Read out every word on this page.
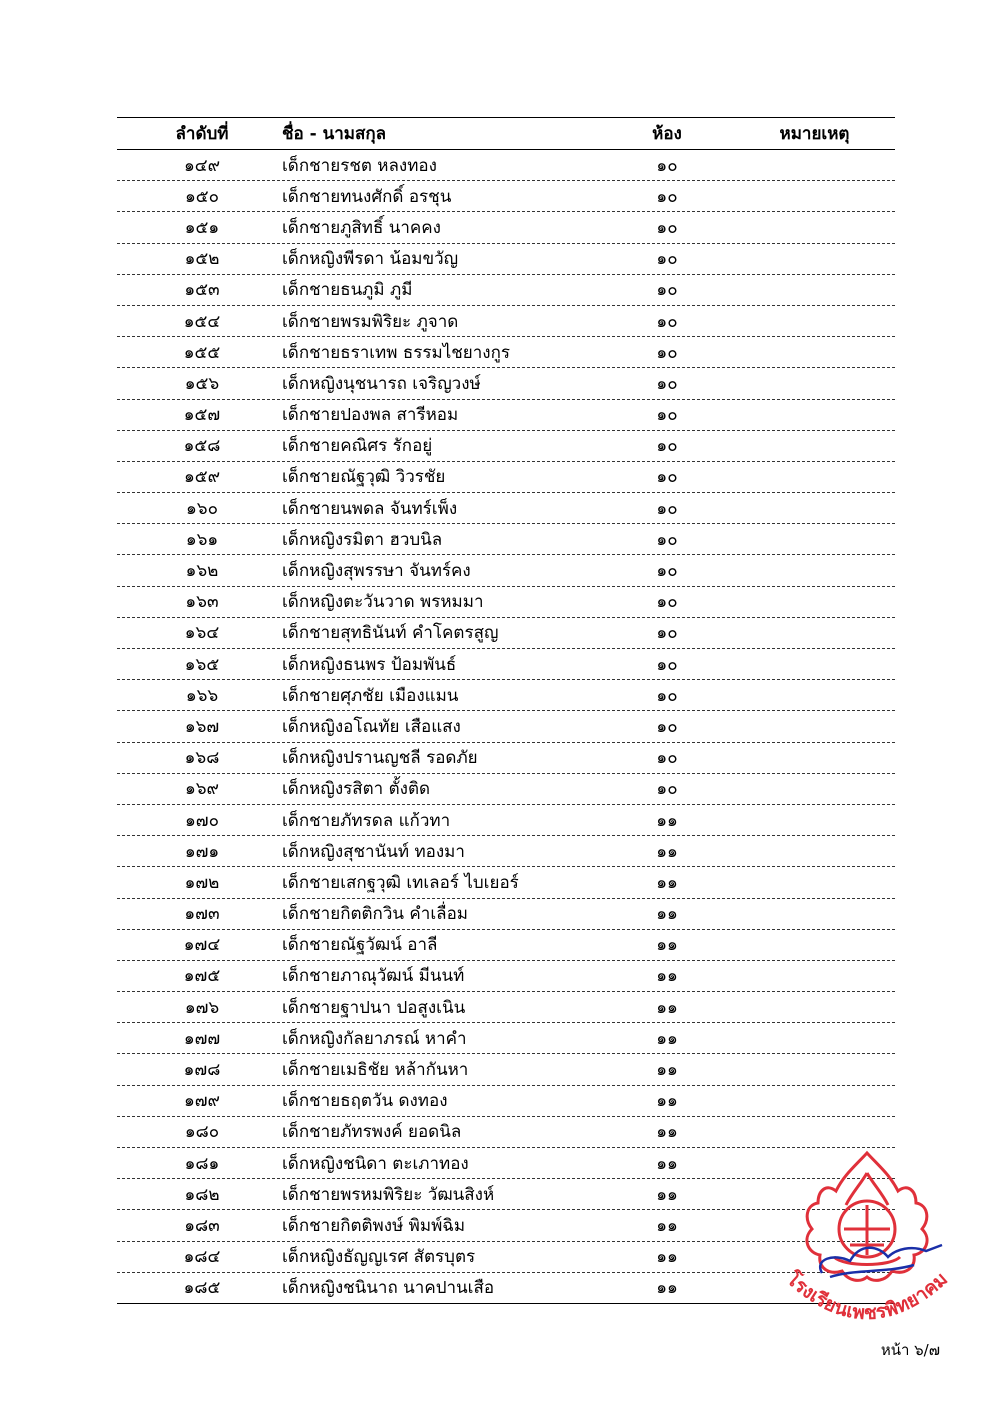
ลำดับที่	ชื่อ - นามสกุล	ห้อง	หมายเหตุ
๑๔๙	เด็กชายรชต หลงทอง	๑๐
๑๕๐	เด็กชายทนงศักดิ์ อรชุน	๑๐
๑๕๑	เด็กชายภูสิทธิ์ นาคคง	๑๐
๑๕๒	เด็กหญิงพีรดา น้อมขวัญ	๑๐
๑๕๓	เด็กชายธนภูมิ ภูมี	๑๐
๑๕๔	เด็กชายพรมพิริยะ ภูจาด	๑๐
๑๕๕	เด็กชายธราเทพ ธรรมไชยางกูร	๑๐
๑๕๖	เด็กหญิงนุชนารถ เจริญวงษ์	๑๐
๑๕๗	เด็กชายปองพล สารีหอม	๑๐
๑๕๘	เด็กชายคณิศร รักอยู่	๑๐
๑๕๙	เด็กชายณัฐวุฒิ วิวรชัย	๑๐
๑๖๐	เด็กชายนพดล จันทร์เพ็ง	๑๐
๑๖๑	เด็กหญิงรมิตา ฮวบนิล	๑๐
๑๖๒	เด็กหญิงสุพรรษา จันทร์คง	๑๐
๑๖๓	เด็กหญิงตะวันวาด พรหมมา	๑๐
๑๖๔	เด็กชายสุทธินันท์ คำโคตรสูญ	๑๐
๑๖๕	เด็กหญิงธนพร ป้อมพันธ์	๑๐
๑๖๖	เด็กชายศุภชัย เมืองแมน	๑๐
๑๖๗	เด็กหญิงอโณทัย เสือแสง	๑๐
๑๖๘	เด็กหญิงปรานญชลี รอดภัย	๑๐
๑๖๙	เด็กหญิงรสิตา ตั้งติด	๑๐
๑๗๐	เด็กชายภัทรดล แก้วทา	๑๑
๑๗๑	เด็กหญิงสุชานันท์ ทองมา	๑๑
๑๗๒	เด็กชายเสกฐวุฒิ เทเลอร์ ไบเยอร์	๑๑
๑๗๓	เด็กชายกิตติกวิน คำเลื่อม	๑๑
๑๗๔	เด็กชายณัฐวัฒน์ อาลี	๑๑
๑๗๕	เด็กชายภาณุวัฒน์ มีนนท์	๑๑
๑๗๖	เด็กชายฐาปนา ปอสูงเนิน	๑๑
๑๗๗	เด็กหญิงกัลยาภรณ์ หาคำ	๑๑
๑๗๘	เด็กชายเมธิชัย หล้ากันหา	๑๑
๑๗๙	เด็กชายธฤตวัน ดงทอง	๑๑
๑๘๐	เด็กชายภัทรพงค์ ยอดนิล	๑๑
๑๘๑	เด็กหญิงชนิดา ตะเภาทอง	๑๑
๑๘๒	เด็กชายพรหมพิริยะ วัฒนสิงห์	๑๑
๑๘๓	เด็กชายกิตติพงษ์ พิมพ์ฉิม	๑๑
๑๘๔	เด็กหญิงธัญญเรศ สัตรบุตร	๑๑
๑๘๕	เด็กหญิงชนินาถ นาคปานเสือ	๑๑	โรงเรียนเพชรพิทยาคม
หน้า ๖/๗
